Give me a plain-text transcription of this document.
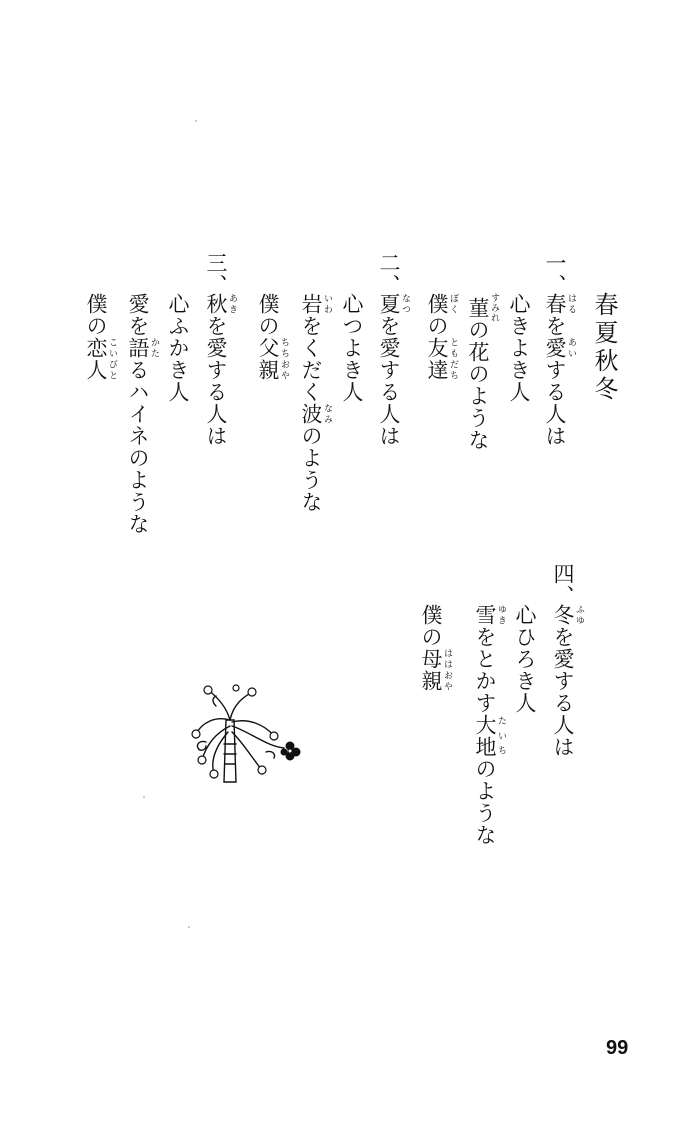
春夏秋冬
一、
春 はるを愛 あいする人は
心きよき人
菫 すみれの花のような
僕 ぼくの友達 ともだち
二、
夏 なつを愛する人は
心つよき人
岩 いわをくだく波 なみのような
僕の父親 ちちおや
三、
秋 あきを愛する人は
心ふかき人
愛を語 かたるハイネのような
僕の恋人 こいびと
四、
冬 ふゆを愛する人は
心ひろき人
雪 ゆきをとかす大地 たいちのような
僕の母親 ははおや
99
